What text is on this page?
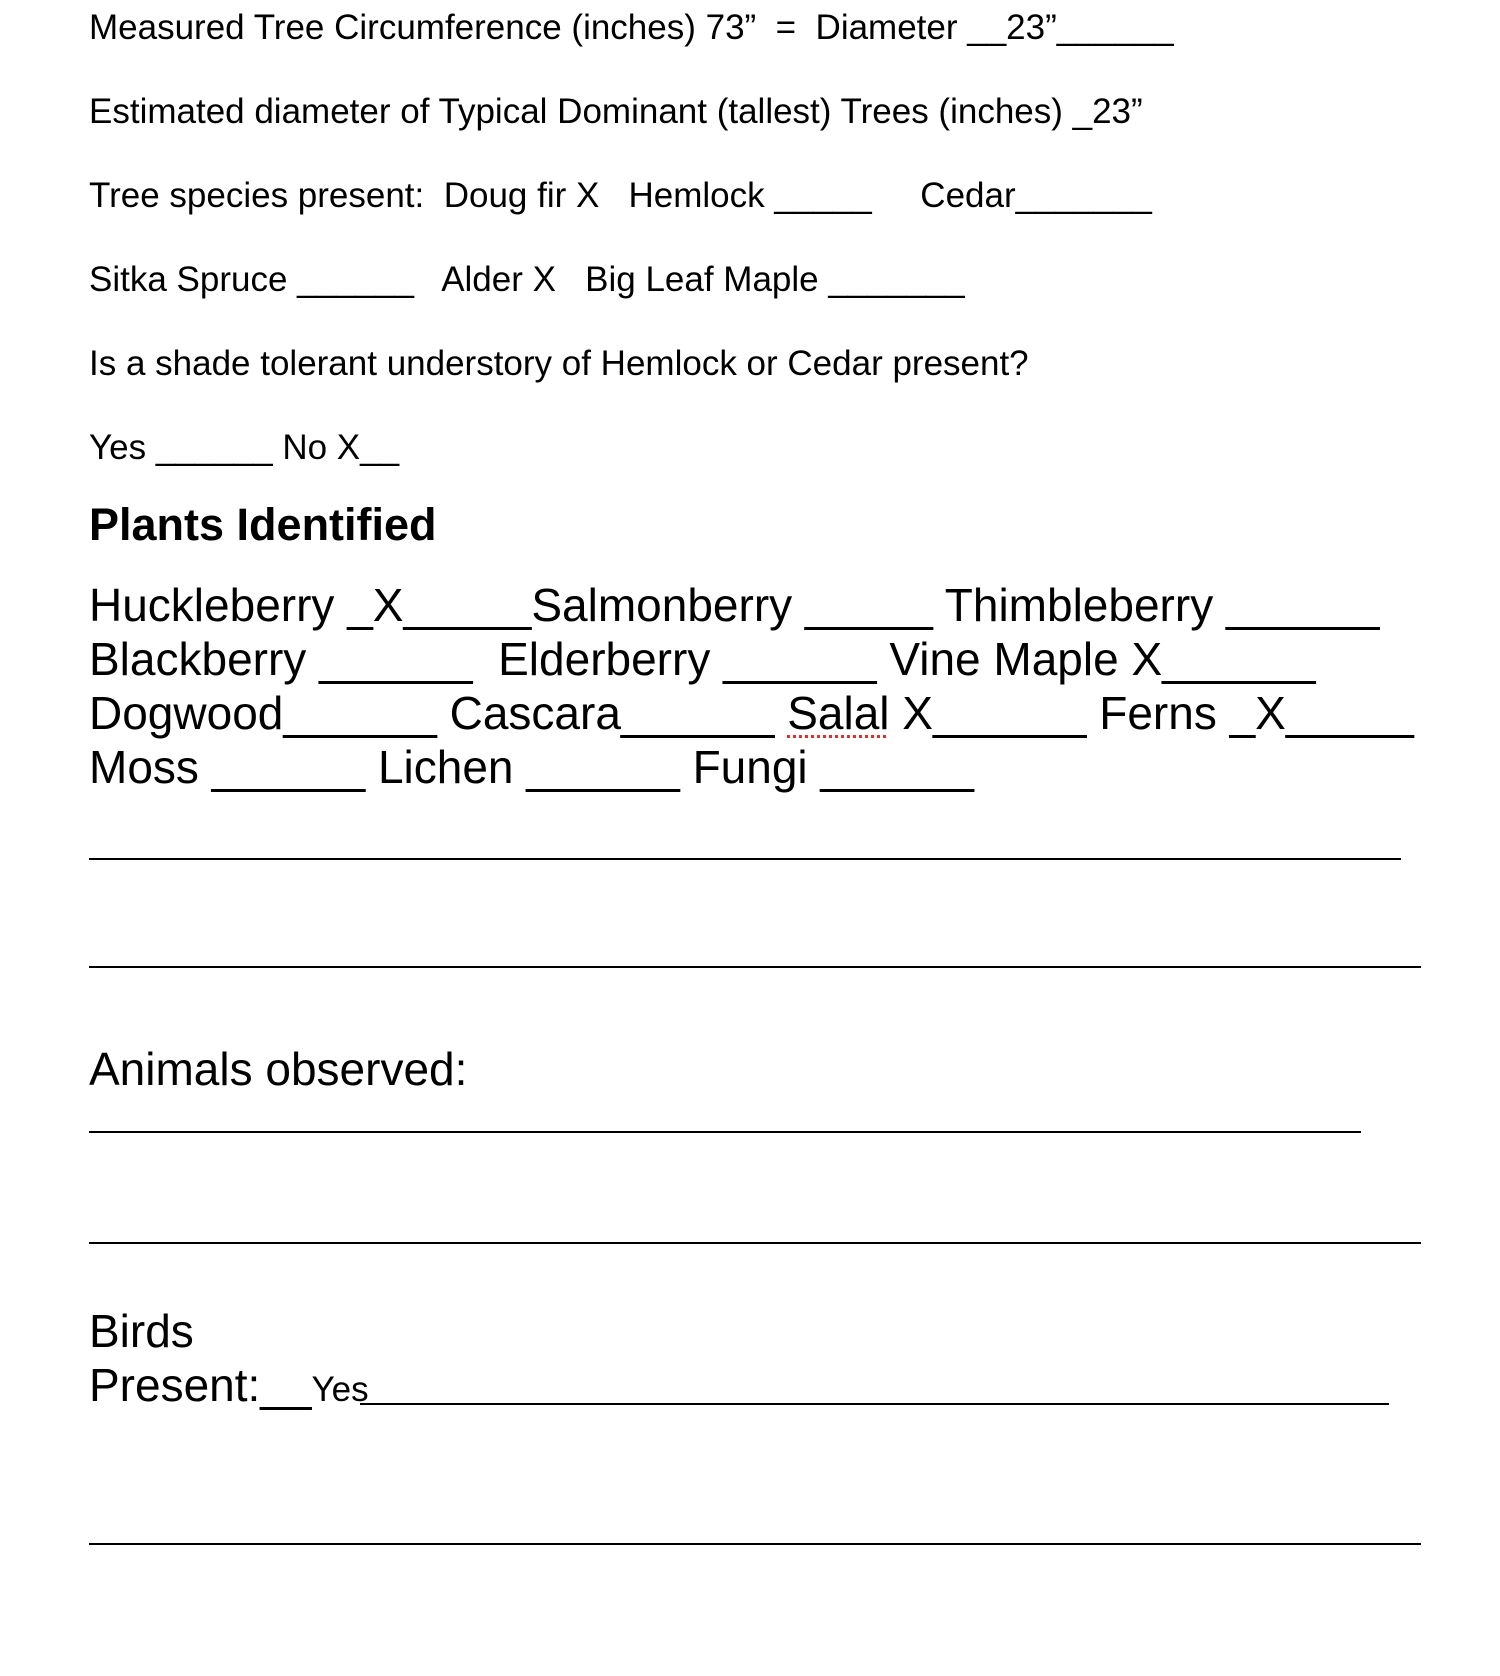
Measured Tree Circumference (inches) 73”  =  Diameter __23”______
Estimated diameter of Typical Dominant (tallest) Trees (inches) _23”
Tree species present:  Doug fir X   Hemlock _____     Cedar_______
Sitka Spruce ______   Alder X   Big Leaf Maple _______
Is a shade tolerant understory of Hemlock or Cedar present?
Yes ______ No X__
Plants Identified
Huckleberry _X_____Salmonberry _____ Thimbleberry ______
Blackberry ______  Elderberry ______ Vine Maple X______
Dogwood______ Cascara______ Salal X______ Ferns _X_____
Moss ______ Lichen ______ Fungi ______
Animals observed:
Birds
Present:__Yes
